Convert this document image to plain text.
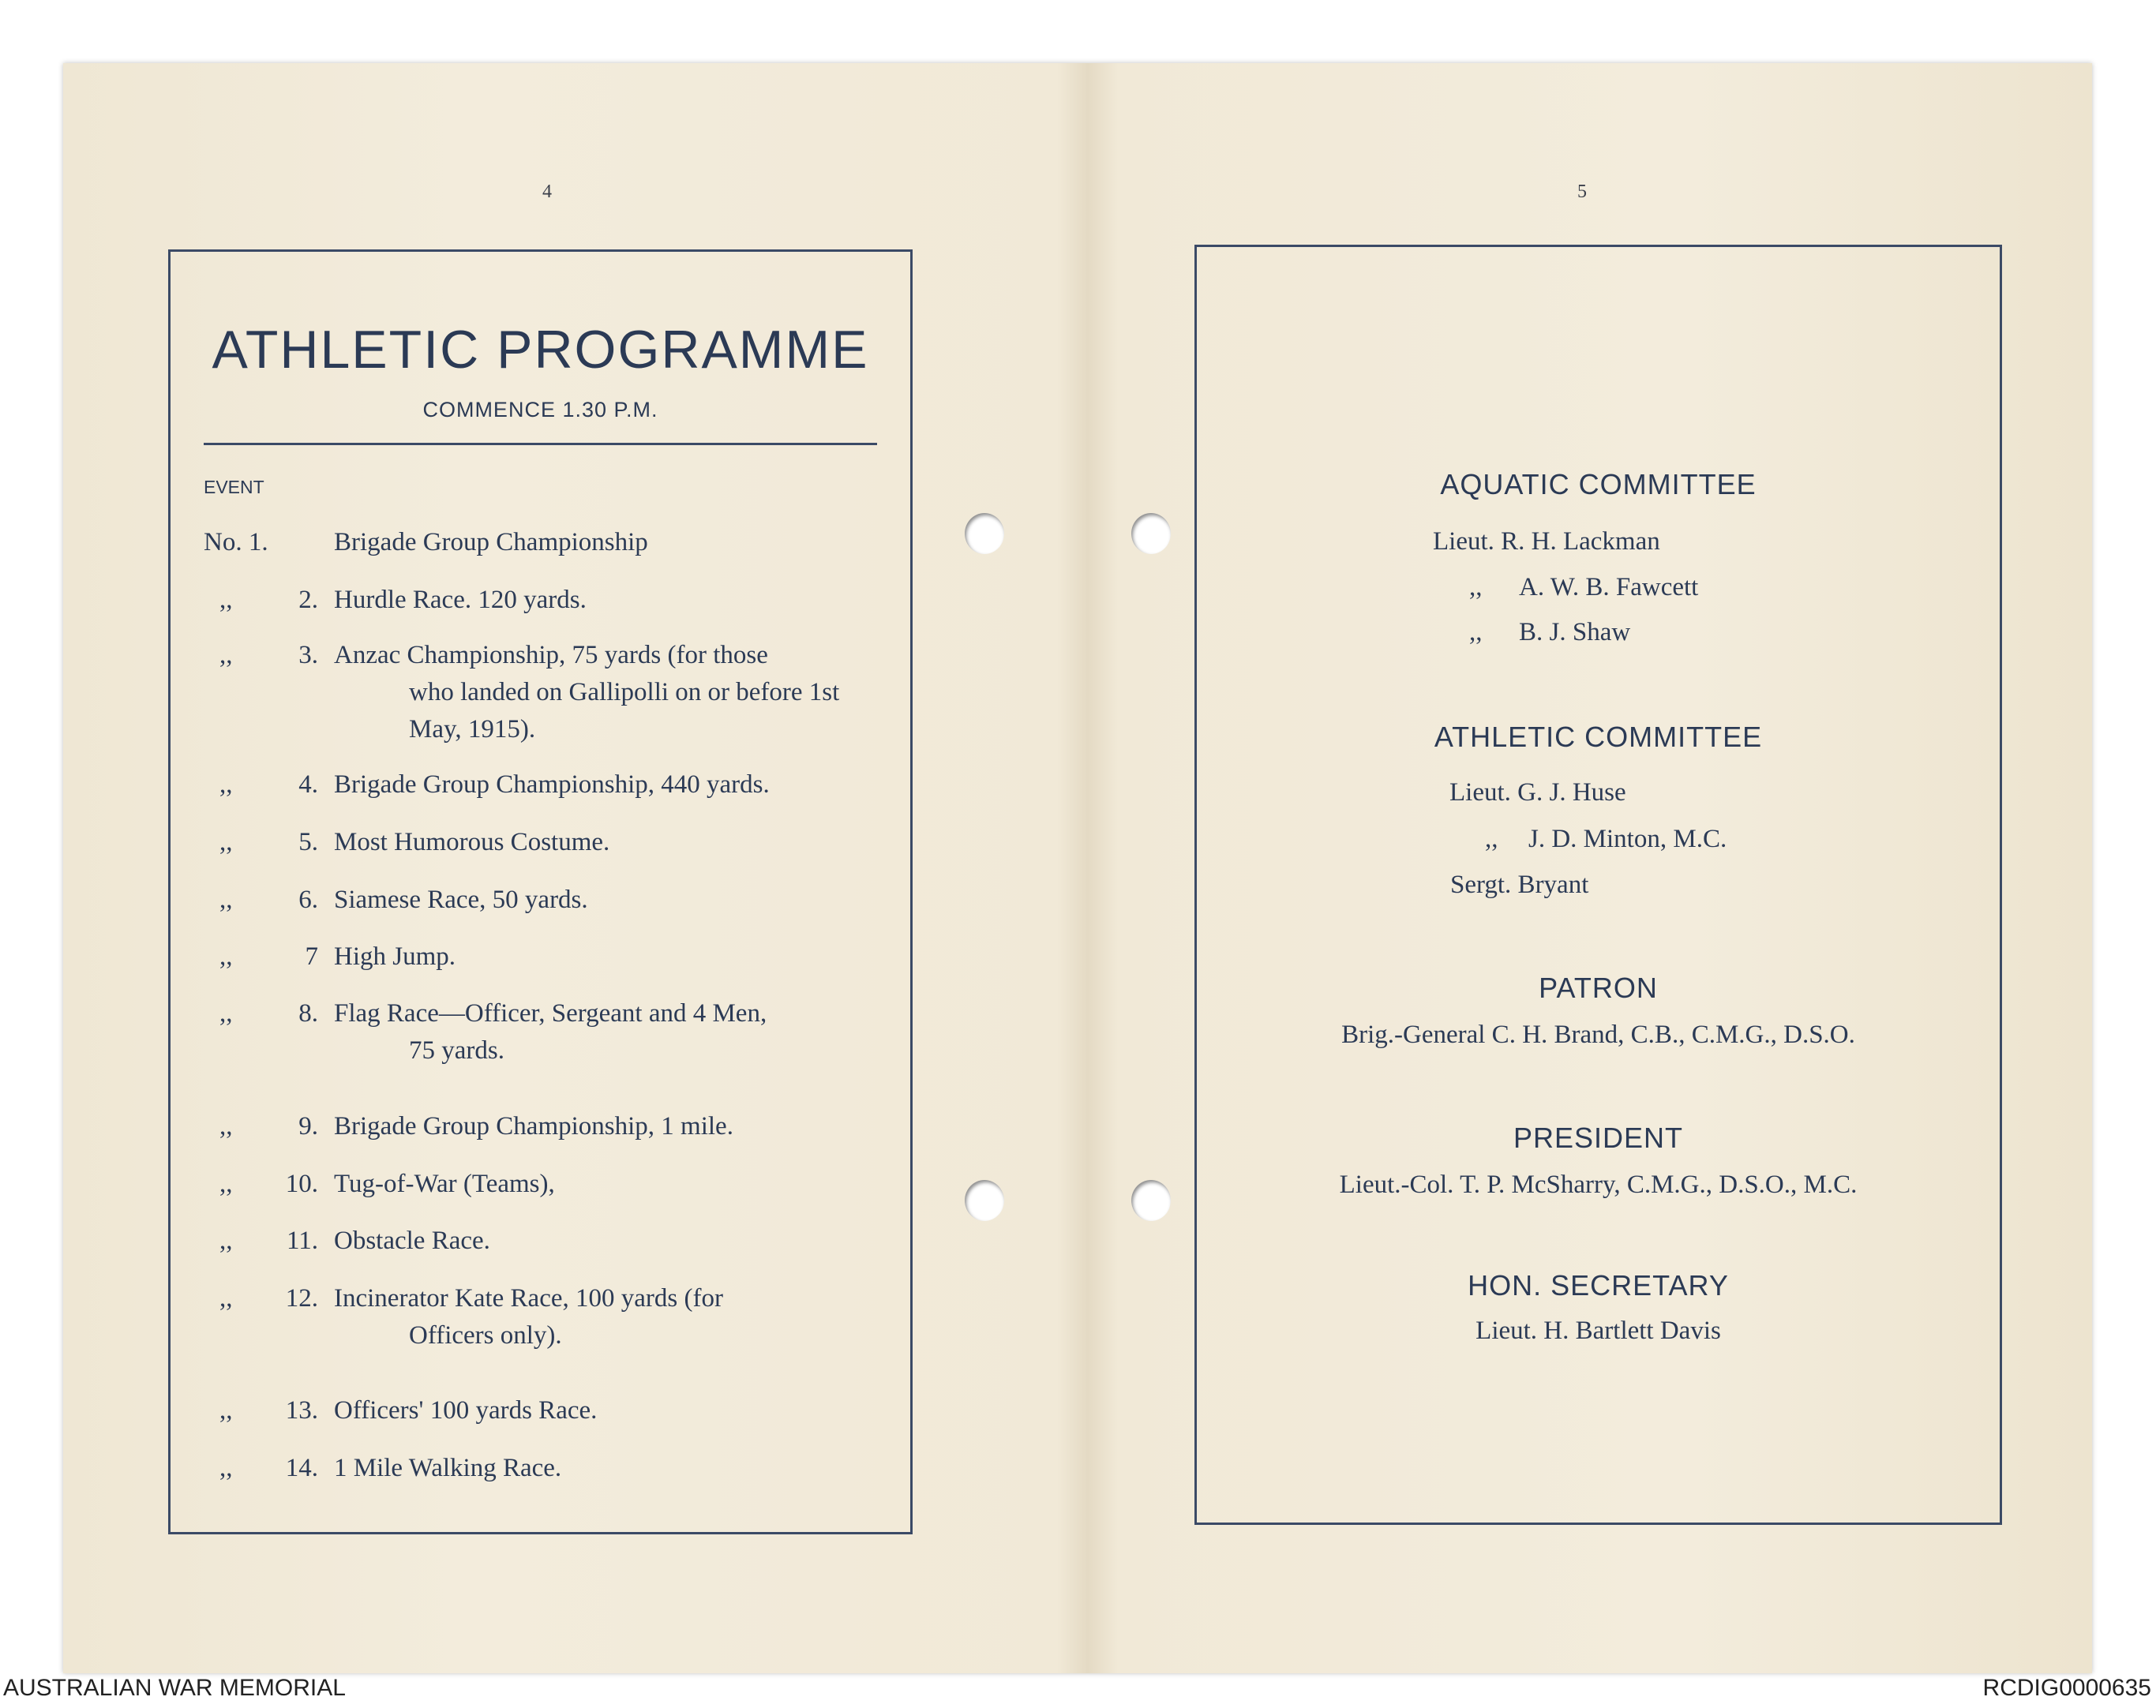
4
ATHLETIC PROGRAMME
COMMENCE 1.30 P.M.
EVENT
No. 1.	Brigade Group Championship
,,	2. Hurdle Race. 120 yards.
,,	3. Anzac Championship, 75 yards (for those
who landed on Gallipolli on or before 1st May, 1915).
,,	4. Brigade Group Championship, 440 yards.
,,	5. Most Humorous Costume.
,,	6. Siamese Race, 50 yards.
,,	7 High Jump.
,,	8. Flag Race—Officer, Sergeant and 4 Men,
75 yards.
,,	9. Brigade Group Championship, 1 mile.
,, 10. Tug-of-War (Teams),
,, 11. Obstacle Race.
,, 12. Incinerator Kate Race, 100 yards (for
Officers only).
,, 13. Officers' 100 yards Race.
,, 14. 1 Mile Walking Race.
5
AQUATIC COMMITTEE
Lieut. R. H. Lackman
,, A. W. B. Fawcett
,, B. J. Shaw
ATHLETIC COMMITTEE
Lieut. G. J. Huse
,, J. D. Minton, M.C.
Sergt. Bryant
PATRON
Brig.-General C. H. Brand, C.B., C.M.G., D.S.O.
PRESIDENT
Lieut.-Col. T. P. McSharry, C.M.G., D.S.O., M.C.
HON. SECRETARY
Lieut. H. Bartlett Davis
AUSTRALIAN WAR MEMORIAL	RCDIG0000635
